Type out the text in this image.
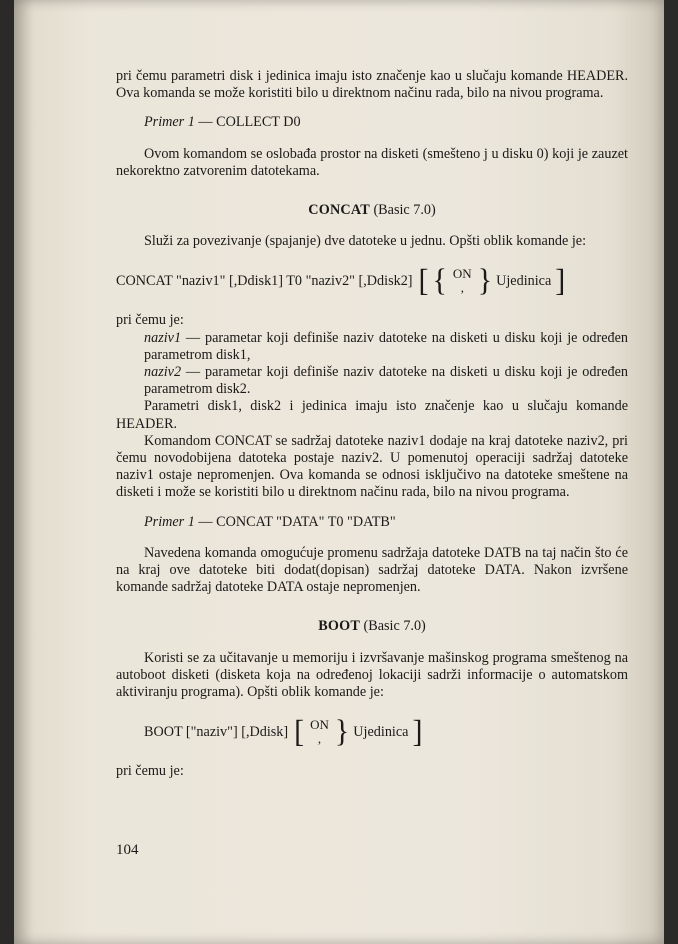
pri čemu parametri disk i jedinica imaju isto značenje kao u slučaju komande HEADER. Ova komanda se može koristiti bilo u direktnom načinu rada, bilo na nivou programa.

Primer 1 — COLLECT D0

Ovom komandom se oslobađa prostor na disketi (smešteno j u disku 0) koji je zauzet nekorektno zatvorenim datotekama.

CONCAT (Basic 7.0)

Služi za povezivanje (spajanje) dve datoteke u jednu. Opšti oblik komande je:

CONCAT "naziv1" [,Ddisk1] T0 "naziv2" [,Ddisk2] [ { ON
, } Ujedinica ]

pri čemu je:

naziv1 — parametar koji definiše naziv datoteke na disketi u disku koji je određen parametrom disk1,

naziv2 — parametar koji definiše naziv datoteke na disketi u disku koji je određen parametrom disk2.

Parametri disk1, disk2 i jedinica imaju isto značenje kao u slučaju komande HEADER.

Komandom CONCAT se sadržaj datoteke naziv1 dodaje na kraj datoteke naziv2, pri čemu novodobijena datoteka postaje naziv2. U pomenutoj operaciji sadržaj datoteke naziv1 ostaje nepromenjen. Ova komanda se odnosi isključivo na datoteke smeštene na disketi i može se koristiti bilo u direktnom načinu rada, bilo na nivou programa.

Primer 1 — CONCAT "DATA" T0 "DATB"

Navedena komanda omogućuje promenu sadržaja datoteke DATB na taj način što će na kraj ove datoteke biti dodat(dopisan) sadržaj datoteke DATA. Nakon izvršene komande sadržaj datoteke DATA ostaje nepromenjen.

BOOT (Basic 7.0)

Koristi se za učitavanje u memoriju i izvršavanje mašinskog programa smeštenog na autoboot disketi (disketa koja na određenoj lokaciji sadrži informacije o automatskom aktiviranju programa). Opšti oblik komande je:

BOOT ["naziv"] [,Ddisk] [ ON
, } Ujedinica ]

pri čemu je:

104
